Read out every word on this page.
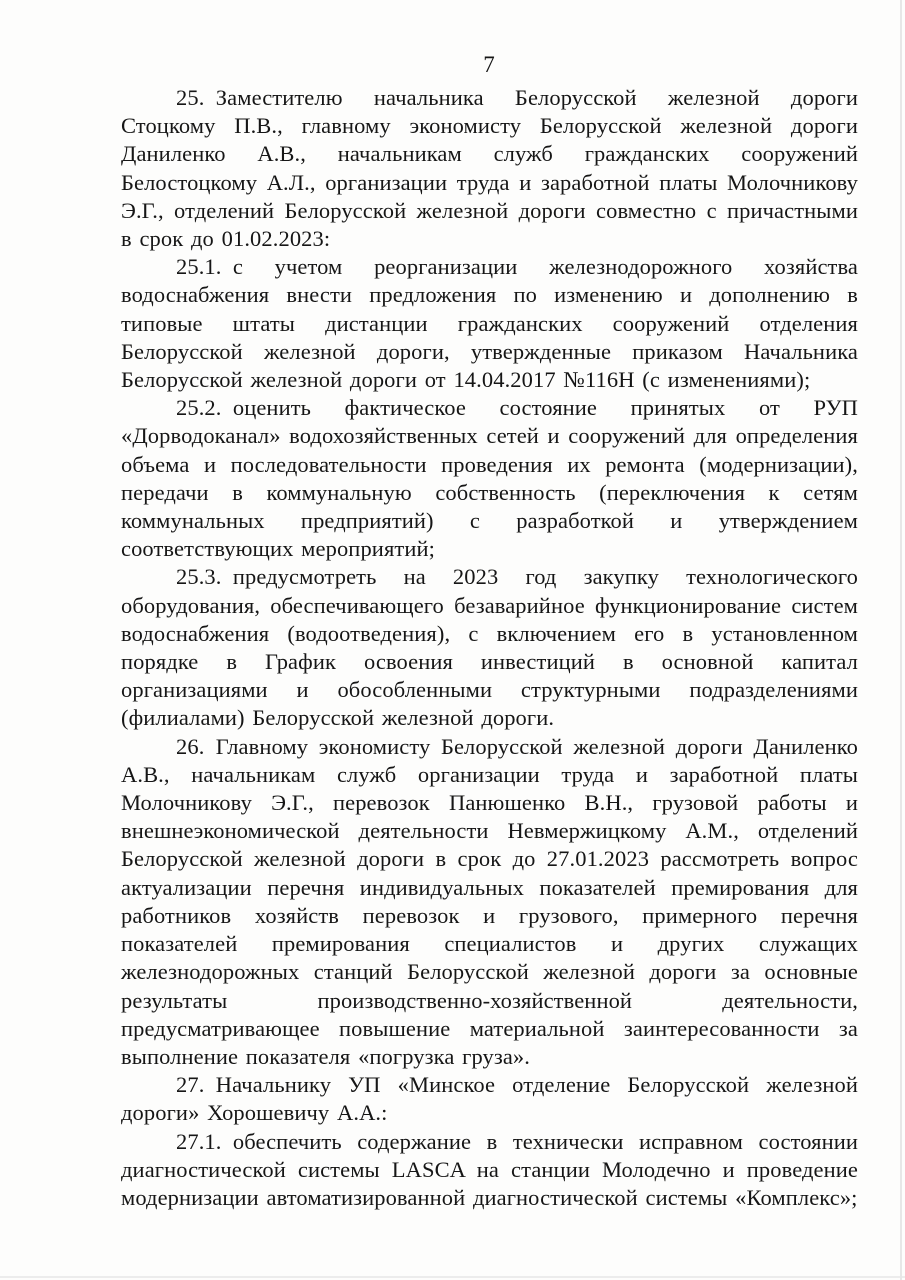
7

25. Заместителю начальника Белорусской железной дороги Стоцкому П.В., главному экономисту Белорусской железной дороги Даниленко А.В., начальникам служб гражданских сооружений Белостоцкому А.Л., организации труда и заработной платы Молочникову Э.Г., отделений Белорусской железной дороги совместно с причастными в срок до 01.02.2023:

25.1. с учетом реорганизации железнодорожного хозяйства водоснабжения внести предложения по изменению и дополнению в типовые штаты дистанции гражданских сооружений отделения Белорусской железной дороги, утвержденные приказом Начальника Белорусской железной дороги от 14.04.2017 №116Н (с изменениями);

25.2. оценить фактическое состояние принятых от РУП «Дорводоканал» водохозяйственных сетей и сооружений для определения объема и последовательности проведения их ремонта (модернизации), передачи в коммунальную собственность (переключения к сетям коммунальных предприятий) с разработкой и утверждением соответствующих мероприятий;

25.3. предусмотреть на 2023 год закупку технологического оборудования, обеспечивающего безаварийное функционирование систем водоснабжения (водоотведения), с включением его в установленном порядке в График освоения инвестиций в основной капитал организациями и обособленными структурными подразделениями (филиалами) Белорусской железной дороги.

26. Главному экономисту Белорусской железной дороги Даниленко А.В., начальникам служб организации труда и заработной платы Молочникову Э.Г., перевозок Панюшенко В.Н., грузовой работы и внешнеэкономической деятельности Невмержицкому А.М., отделений Белорусской железной дороги в срок до 27.01.2023 рассмотреть вопрос актуализации перечня индивидуальных показателей премирования для работников хозяйств перевозок и грузового, примерного перечня показателей премирования специалистов и других служащих железнодорожных станций Белорусской железной дороги за основные результаты производственно-хозяйственной деятельности, предусматривающее повышение материальной заинтересованности за выполнение показателя «погрузка груза».

27. Начальнику УП «Минское отделение Белорусской железной дороги» Хорошевичу А.А.:

27.1. обеспечить содержание в технически исправном состоянии диагностической системы LASCA на станции Молодечно и проведение модернизации автоматизированной диагностической системы «Комплекс»;
